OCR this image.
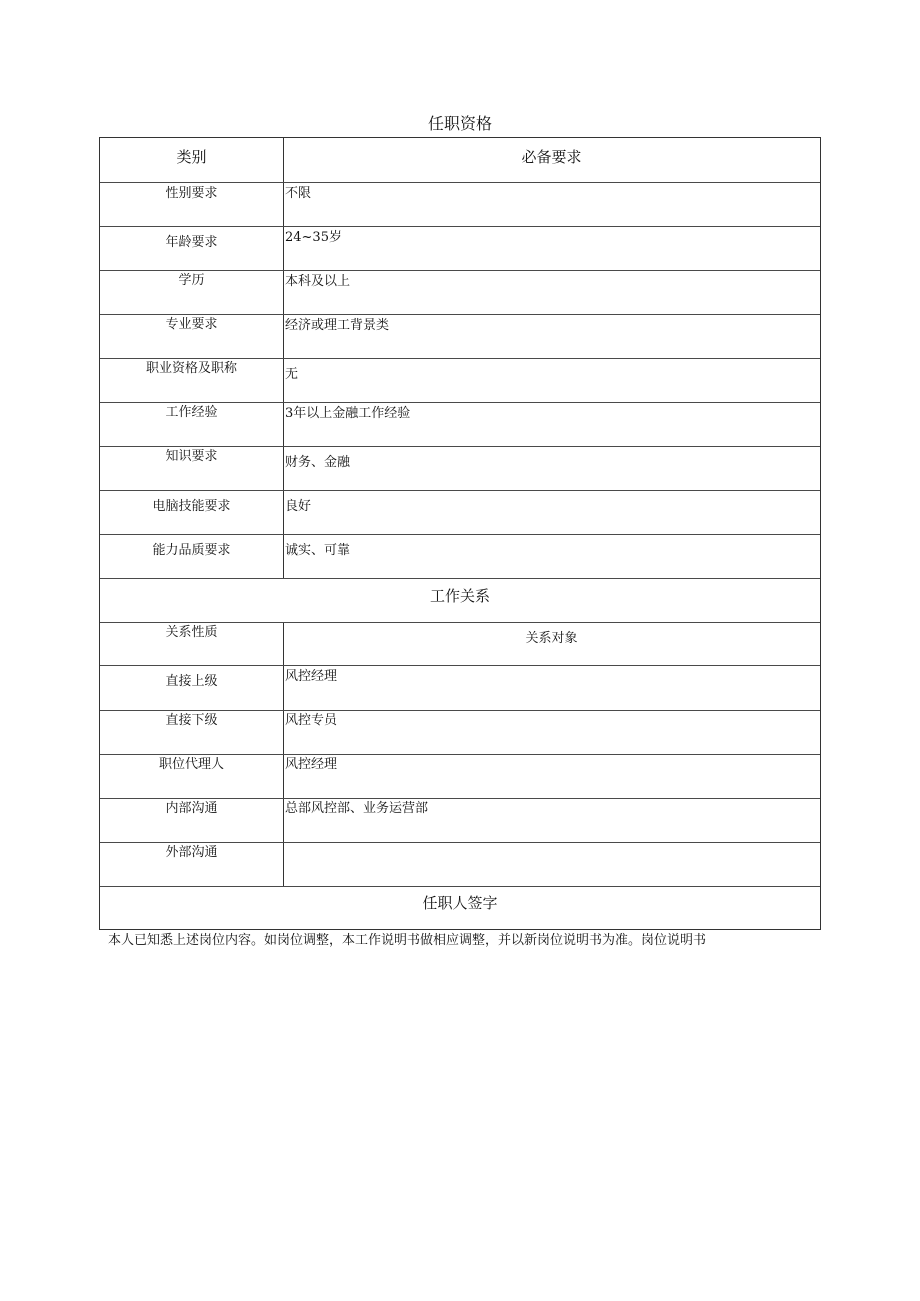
任职资格
类别	必备要求
性别要求	不限
年龄要求	24~35岁
学历	本科及以上
专业要求	经济或理工背景类
职业资格及职称	无
工作经验	3年以上金融工作经验
知识要求	财务、金融
电脑技能要求	良好
能力品质要求	诚实、可靠
工作关系
关系性质	关系对象
直接上级	风控经理
直接下级	风控专员
职位代理人	风控经理
内部沟通	总部风控部、业务运营部
外部沟通
任职人签字
本人已知悉上述岗位内容。如岗位调整，本工作说明书做相应调整，并以新岗位说明书为准。岗位说明书
